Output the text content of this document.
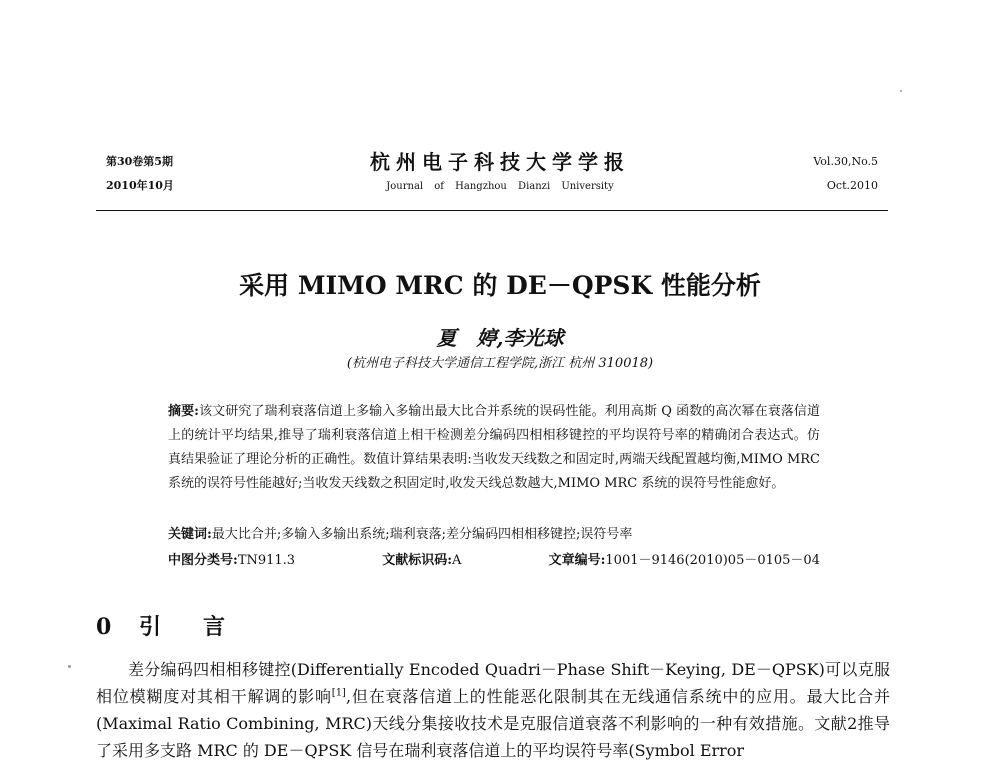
第30卷第5期
2010年10月
杭州电子科技大学学报
Journal of Hangzhou Dianzi University
Vol.30,No.5
Oct.2010
采用 MIMO MRC 的 DE－QPSK 性能分析
夏　婷,李光球
(杭州电子科技大学通信工程学院,浙江 杭州 310018)
摘要:该文研究了瑞利衰落信道上多输入多输出最大比合并系统的误码性能。利用高斯 Q 函数的高次幂在衰落信道上的统计平均结果,推导了瑞利衰落信道上相干检测差分编码四相相移键控的平均误符号率的精确闭合表达式。仿真结果验证了理论分析的正确性。数值计算结果表明:当收发天线数之和固定时,两端天线配置越均衡,MIMO MRC 系统的误符号性能越好;当收发天线数之积固定时,收发天线总数越大,MIMO MRC 系统的误符号性能愈好。
关键词:最大比合并;多输入多输出系统;瑞利衰落;差分编码四相相移键控;误符号率
中图分类号:TN911.3	文献标识码:A	文章编号:1001－9146(2010)05－0105－04
0 引　言
差分编码四相相移键控(Differentially Encoded Quadri－Phase Shift－Keying, DE－QPSK)可以克服相位模糊度对其相干解调的影响[1],但在衰落信道上的性能恶化限制其在无线通信系统中的应用。最大比合并(Maximal Ratio Combining, MRC)天线分集接收技术是克服信道衰落不利影响的一种有效措施。文献2推导了采用多支路 MRC 的 DE－QPSK 信号在瑞利衰落信道上的平均误符号率(Symbol Error
